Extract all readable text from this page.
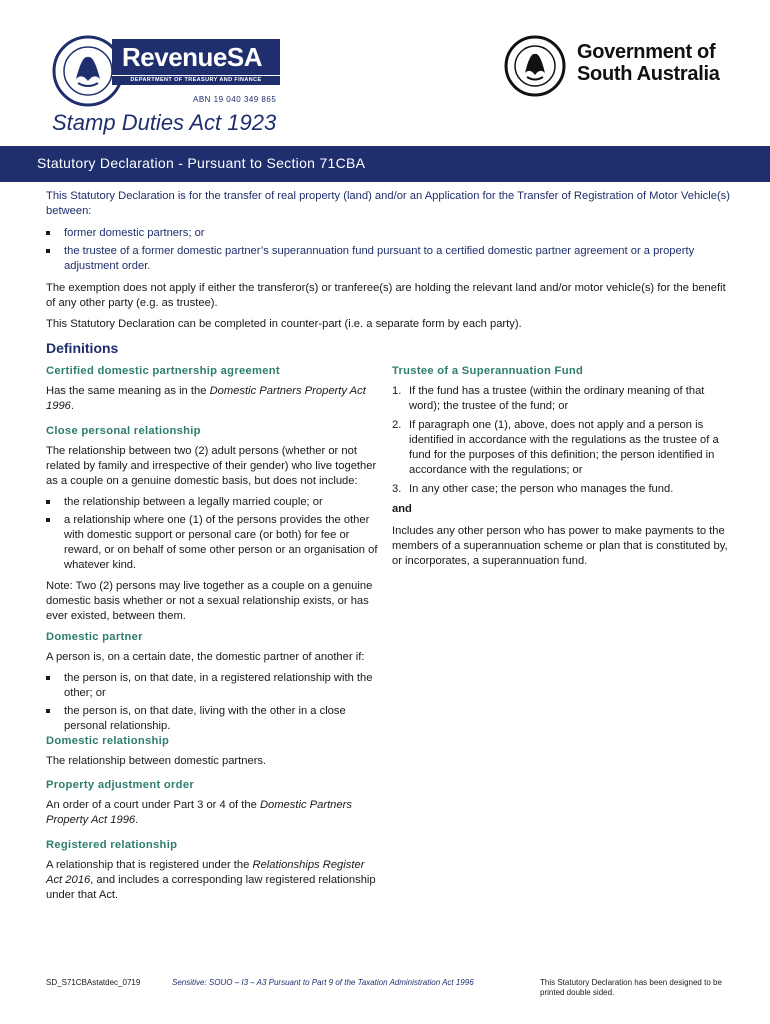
RevenueSA
DEPARTMENT OF TREASURY AND FINANCE
ABN 19 040 349 865
Government of
South Australia
Stamp Duties Act 1923
Statutory Declaration - Pursuant to Section 71CBA
This Statutory Declaration is for the transfer of real property (land) and/or an Application for the Transfer of Registration of Motor Vehicle(s) between:
former domestic partners; or
the trustee of a former domestic partner’s superannuation fund pursuant to a certified domestic partner agreement or a property adjustment order.
The exemption does not apply if either the transferor(s) or tranferee(s) are holding the relevant land and/or motor vehicle(s) for the benefit of any other party (e.g. as trustee).
This Statutory Declaration can be completed in counter-part (i.e. a separate form by each party).
Definitions
Certified domestic partnership agreement
Has the same meaning as in the Domestic Partners Property Act 1996.
Close personal relationship
The relationship between two (2) adult persons (whether or not related by family and irrespective of their gender) who live together as a couple on a genuine domestic basis, but does not include:
the relationship between a legally married couple; or
a relationship where one (1) of the persons provides the other with domestic support or personal care (or both) for fee or reward, or on behalf of some other person or an organisation of whatever kind.
Note: Two (2) persons may live together as a couple on a genuine domestic basis whether or not a sexual relationship exists, or has ever existed, between them.
Domestic partner
A person is, on a certain date, the domestic partner of another if:
the person is, on that date, in a registered relationship with the other; or
the person is, on that date, living with the other in a close personal relationship.
Domestic relationship
The relationship between domestic partners.
Property adjustment order
An order of a court under Part 3 or 4 of the Domestic Partners Property Act 1996.
Registered relationship
A relationship that is registered under the Relationships Register Act 2016, and includes a corresponding law registered relationship under that Act.
Trustee of a Superannuation Fund
1. If the fund has a trustee (within the ordinary meaning of that word); the trustee of the fund; or
2. If paragraph one (1), above, does not apply and a person is identified in accordance with the regulations as the trustee of a fund for the purposes of this definition; the person identified in accordance with the regulations; or
3. In any other case; the person who manages the fund.
and
Includes any other person who has power to make payments to the members of a superannuation scheme or plan that is constituted by, or incorporates, a superannuation fund.
SD_S71CBAstatdec_0719	Sensitive: SOUO – I3 – A3 Pursuant to Part 9 of the Taxation Administration Act 1996	This Statutory Declaration has been designed to be printed double sided.
